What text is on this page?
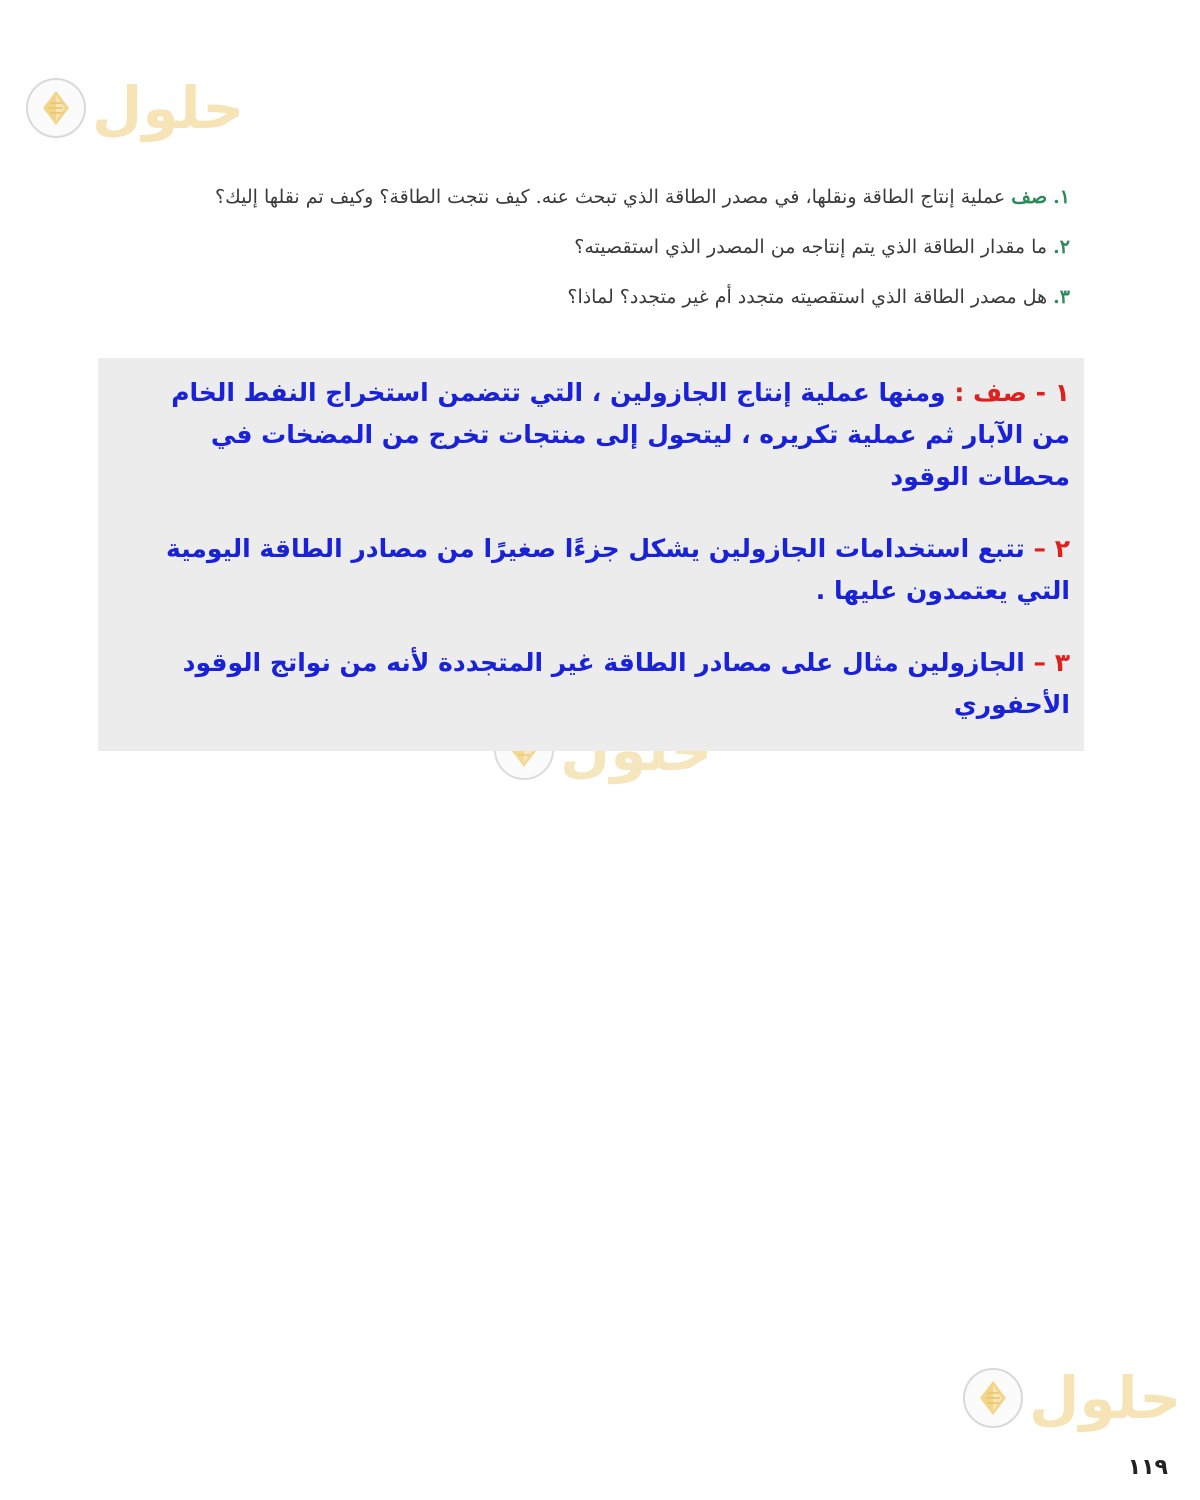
حلول

١. صف عملية إنتاج الطاقة ونقلها، في مصدر الطاقة الذي تبحث عنه. كيف نتجت الطاقة؟ وكيف تم نقلها إليك؟

٢. ما مقدار الطاقة الذي يتم إنتاجه من المصدر الذي استقصيته؟

٣. هل مصدر الطاقة الذي استقصيته متجدد أم غير متجدد؟ لماذا؟

١ - صف : ومنها عملية إنتاج الجازولين ، التي تتضمن استخراج النفط الخام من الآبار ثم عملية تكريره ، ليتحول إلى منتجات تخرج من المضخات في محطات الوقود

٢ – تتبع استخدامات الجازولين يشكل جزءًا صغيرًا من مصادر الطاقة اليومية التي يعتمدون عليها .

٣ – الجازولين مثال على مصادر الطاقة غير المتجددة لأنه من نواتج الوقود الأحفوري

حلول
١١٩
